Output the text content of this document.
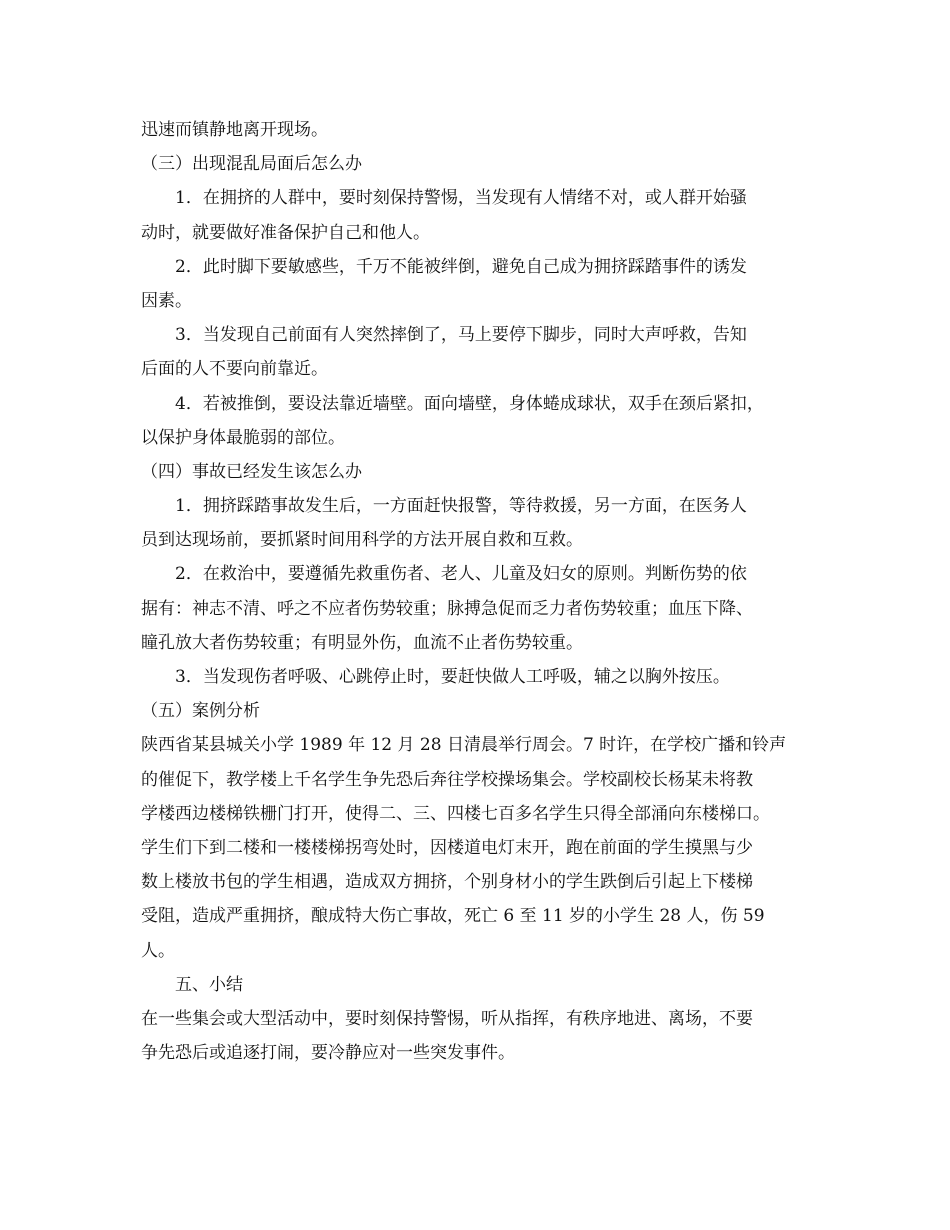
迅速而镇静地离开现场。

（三）出现混乱局面后怎么办

1．在拥挤的人群中，要时刻保持警惕，当发现有人情绪不对，或人群开始骚

动时，就要做好准备保护自己和他人。

2．此时脚下要敏感些，千万不能被绊倒，避免自己成为拥挤踩踏事件的诱发

因素。

3．当发现自己前面有人突然摔倒了，马上要停下脚步，同时大声呼救，告知

后面的人不要向前靠近。

4．若被推倒，要设法靠近墙壁。面向墙壁，身体蜷成球状，双手在颈后紧扣，

以保护身体最脆弱的部位。

（四）事故已经发生该怎么办

1．拥挤踩踏事故发生后，一方面赶快报警，等待救援，另一方面，在医务人

员到达现场前，要抓紧时间用科学的方法开展自救和互救。

2．在救治中，要遵循先救重伤者、老人、儿童及妇女的原则。判断伤势的依

据有：神志不清、呼之不应者伤势较重；脉搏急促而乏力者伤势较重；血压下降、

瞳孔放大者伤势较重；有明显外伤，血流不止者伤势较重。

3．当发现伤者呼吸、心跳停止时，要赶快做人工呼吸，辅之以胸外按压。

（五）案例分析

陕西省某县城关小学 1989 年 12 月 28 日清晨举行周会。7 时许，在学校广播和铃声

的催促下，教学楼上千名学生争先恐后奔往学校操场集会。学校副校长杨某未将教

学楼西边楼梯铁栅门打开，使得二、三、四楼七百多名学生只得全部涌向东楼梯口。

学生们下到二楼和一楼楼梯拐弯处时，因楼道电灯末开，跑在前面的学生摸黑与少

数上楼放书包的学生相遇，造成双方拥挤，个别身材小的学生跌倒后引起上下楼梯

受阻，造成严重拥挤，酿成特大伤亡事故，死亡 6 至 11 岁的小学生 28 人，伤 59

人。

五、小结

在一些集会或大型活动中，要时刻保持警惕，听从指挥，有秩序地进、离场，不要

争先恐后或追逐打闹，要冷静应对一些突发事件。
